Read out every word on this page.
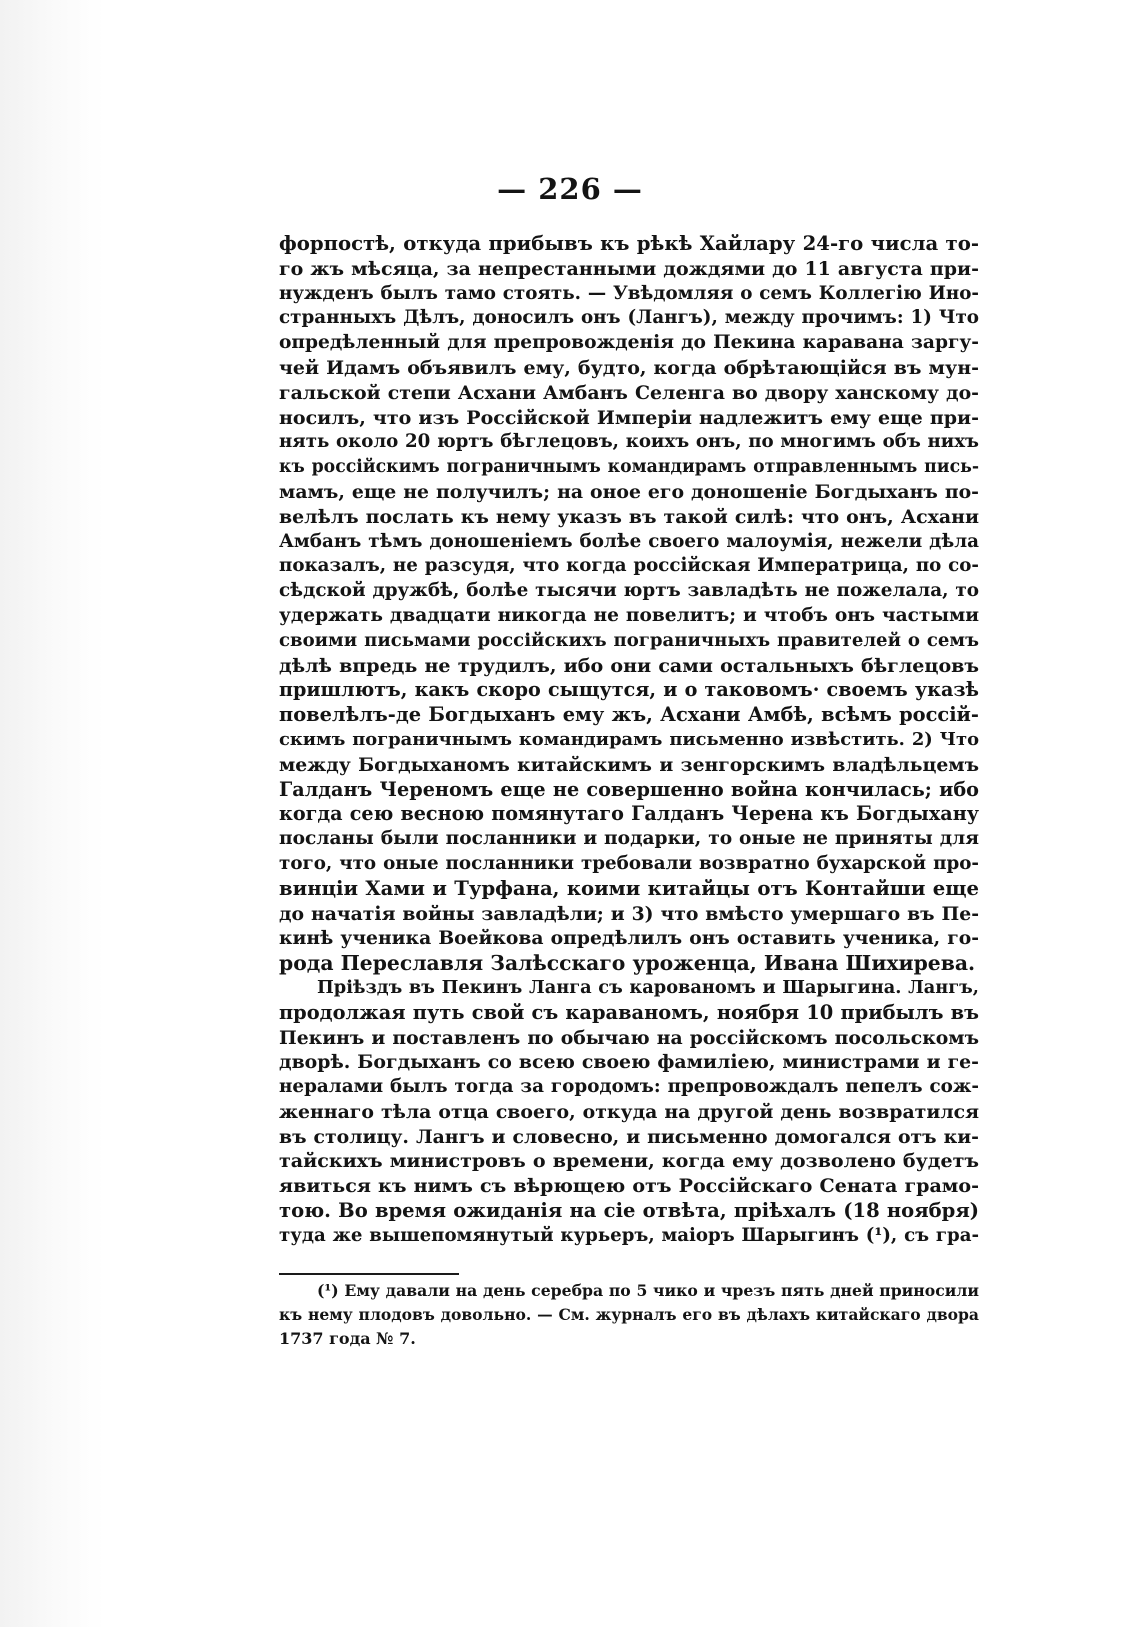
— 226 —
форпостѣ, откуда прибывъ къ рѣкѣ Хайлару 24-го числа то-
го жъ мѣсяца, за непрестанными дождями до 11 августа при-
нужденъ былъ тамо стоять. — Увѣдомляя о семъ Коллегію Ино-
странныхъ Дѣлъ, доносилъ онъ (Лангъ), между прочимъ: 1) Что
опредѣленный для препровожденія до Пекина каравана заргу-
чей Идамъ объявилъ ему, будто, когда обрѣтающійся въ мун-
гальской степи Асхани Амбанъ Селенга во двору ханскому до-
носилъ, что изъ Россійской Имперіи надлежитъ ему еще при-
нять около 20 юртъ бѣглецовъ, коихъ онъ, по многимъ объ нихъ
къ россійскимъ пограничнымъ командирамъ отправленнымъ пись-
мамъ, еще не получилъ; на оное его доношеніе Богдыханъ по-
велѣлъ послать къ нему указъ въ такой силѣ: что онъ, Асхани
Амбанъ тѣмъ доношеніемъ болѣе своего малоумія, нежели дѣла
показалъ, не разсудя, что когда россійская Императрица, по со-
сѣдской дружбѣ, болѣе тысячи юртъ завладѣть не пожелала, то
удержать двадцати никогда не повелитъ; и чтобъ онъ частыми
своими письмами россійскихъ пограничныхъ правителей о семъ
дѣлѣ впредь не трудилъ, ибо они сами остальныхъ бѣглецовъ
пришлютъ, какъ скоро сыщутся, и о таковомъ· своемъ указѣ
повелѣлъ-де Богдыханъ ему жъ, Асхани Амбѣ, всѣмъ россій-
скимъ пограничнымъ командирамъ письменно извѣстить. 2) Что
между Богдыханомъ китайскимъ и зенгорскимъ владѣльцемъ
Галданъ Череномъ еще не совершенно война кончилась; ибо
когда сею весною помянутаго Галданъ Черена къ Богдыхану
посланы были посланники и подарки, то оные не приняты для
того, что оные посланники требовали возвратно бухарской про-
винціи Хами и Турфана, коими китайцы отъ Контайши еще
до начатія войны завладѣли; и 3) что вмѣсто умершаго въ Пе-
кинѣ ученика Воейкова опредѣлилъ онъ оставить ученика, го-
рода Переславля Залѣсскаго уроженца, Ивана Шихирева.
Пріѣздъ въ Пекинъ Ланга съ карованомъ и Шарыгина. Лангъ,
продолжая путь свой съ караваномъ, ноября 10 прибылъ въ
Пекинъ и поставленъ по обычаю на россійскомъ посольскомъ
дворѣ. Богдыханъ со всею своею фамиліею, министрами и ге-
нералами былъ тогда за городомъ: препровождалъ пепелъ сож-
женнаго тѣла отца своего, откуда на другой день возвратился
въ столицу. Лангъ и словесно, и письменно домогался отъ ки-
тайскихъ министровъ о времени, когда ему дозволено будетъ
явиться къ нимъ съ вѣрющею отъ Россійскаго Сената грамо-
тою. Во время ожиданія на сіе отвѣта, пріѣхалъ (18 ноября)
туда же вышепомянутый курьеръ, маіоръ Шарыгинъ (¹), съ гра-
(¹) Ему давали на день серебра по 5 чико и чрезъ пять дней приносили
къ нему плодовъ довольно. — См. журналъ его въ дѣлахъ китайскаго двора
1737 года № 7.
